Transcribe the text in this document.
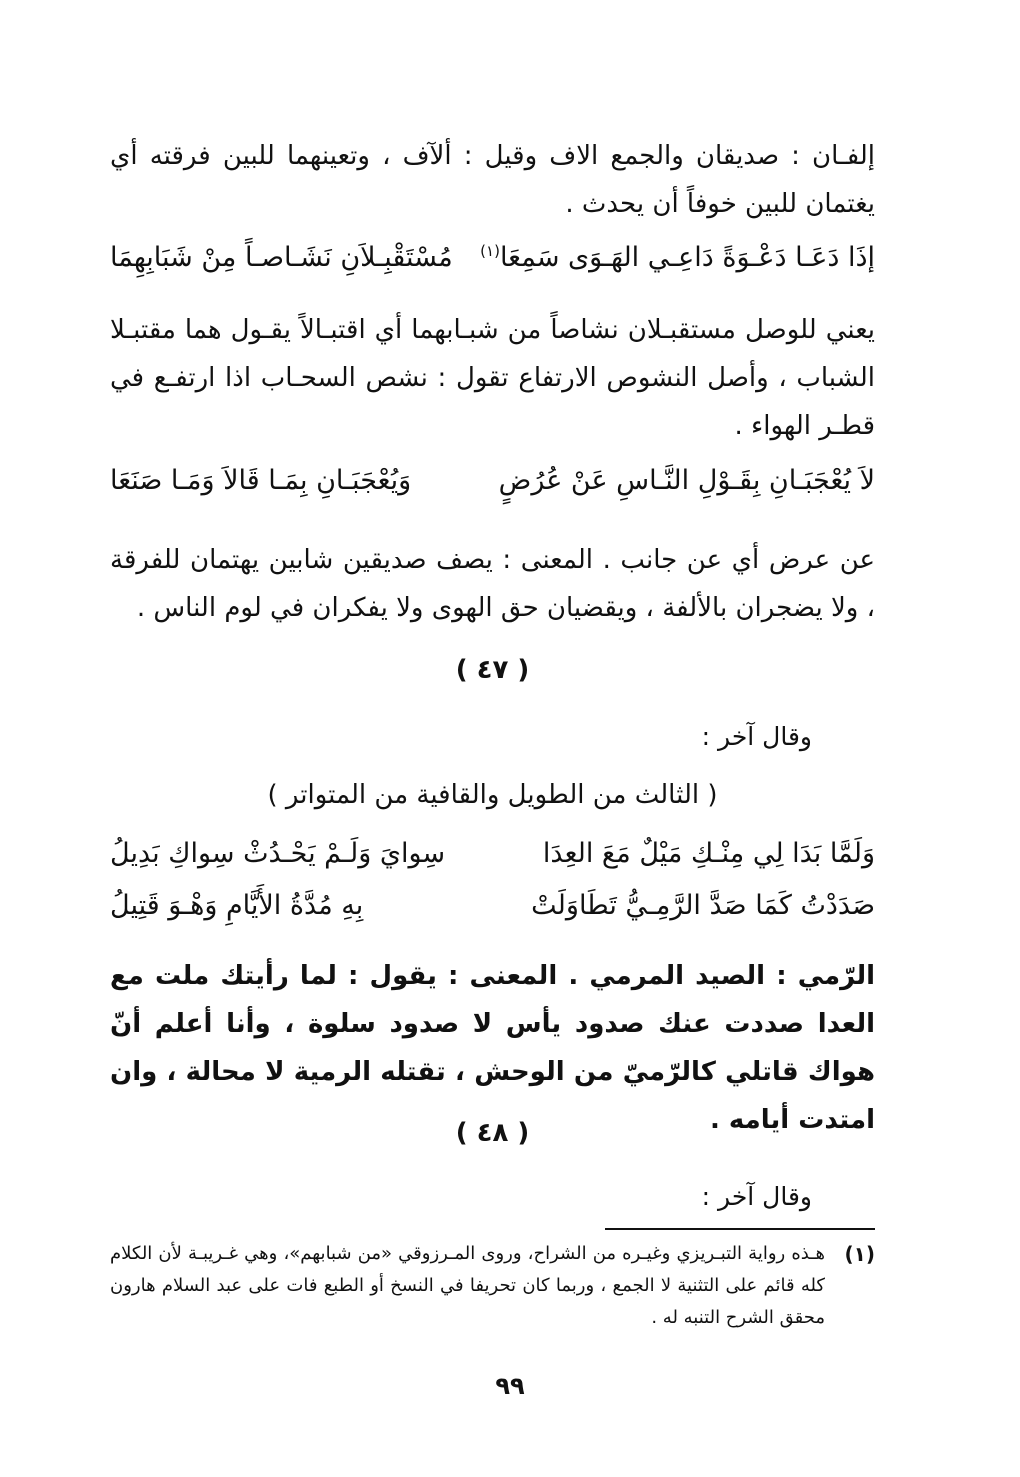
إلفـان : صديقان والجمع الاف وقيل : ألآف ، وتعينهما للبين فرقته أي يغتمان للبين خوفاً أن يحدث .
إذَا دَعَـا دَعْـوَةً دَاعِـي الهَـوَى سَمِعَا$^{(١)}$
مُسْتَقْبِـلاَنِ نَشَـاصـاً مِنْ شَبَابِهِمَا
يعني للوصل مستقبـلان نشاصاً من شبـابهما أي اقتبـالاً يقـول هما مقتبـلا الشباب ، وأصل النشوص الارتفاع تقول : نشص السحـاب اذا ارتفـع في قطـر الهواء .
لاَ يُعْجَبَـانِ بِقَـوْلِ النَّـاسِ عَنْ عُرُضٍ
وَيُعْجَبَـانِ بِمَـا قَالاَ وَمَـا صَنَعَا
عن عرض أي عن جانب . المعنى : يصف صديقين شابين يهتمان للفرقة ، ولا يضجران بالألفة ، ويقضيان حق الهوى ولا يفكران في لوم الناس .
( ٤٧ )
وقال آخر :
( الثالث من الطويل والقافية من المتواتر )
وَلَمَّا بَدَا لِي مِنْـكِ مَيْلٌ مَعَ العِدَا
سِوايَ وَلَـمْ يَحْـدُثْ سِواكِ بَدِيلُ
صَدَدْتُ كَمَا صَدَّ الرَّمِـيُّ تَطَاوَلَتْ
بِهِ مُدَّةُ الأَيَّامِ وَهْـوَ قَتِيلُ
الرّمي : الصيد المرمي . المعنى : يقول : لما رأيتك ملت مع العدا صددت عنك صدود يأس لا صدود سلوة ، وأنا أعلم أنّ هواك قاتلي كالرّميّ من الوحش ، تقتله الرمية لا محالة ، وان امتدت أيامه .
( ٤٨ )
وقال آخر :
(١)
هـذه رواية التبـريزي وغيـره من الشراح، وروى المـرزوقي «من شبابهم»، وهي غـريبـة لأن الكلام كله قائم على التثنية لا الجمع ، وربما كان تحريفا في النسخ أو الطبع فات على عبد السلام هارون محقق الشرح التنبه له .
٩٩
